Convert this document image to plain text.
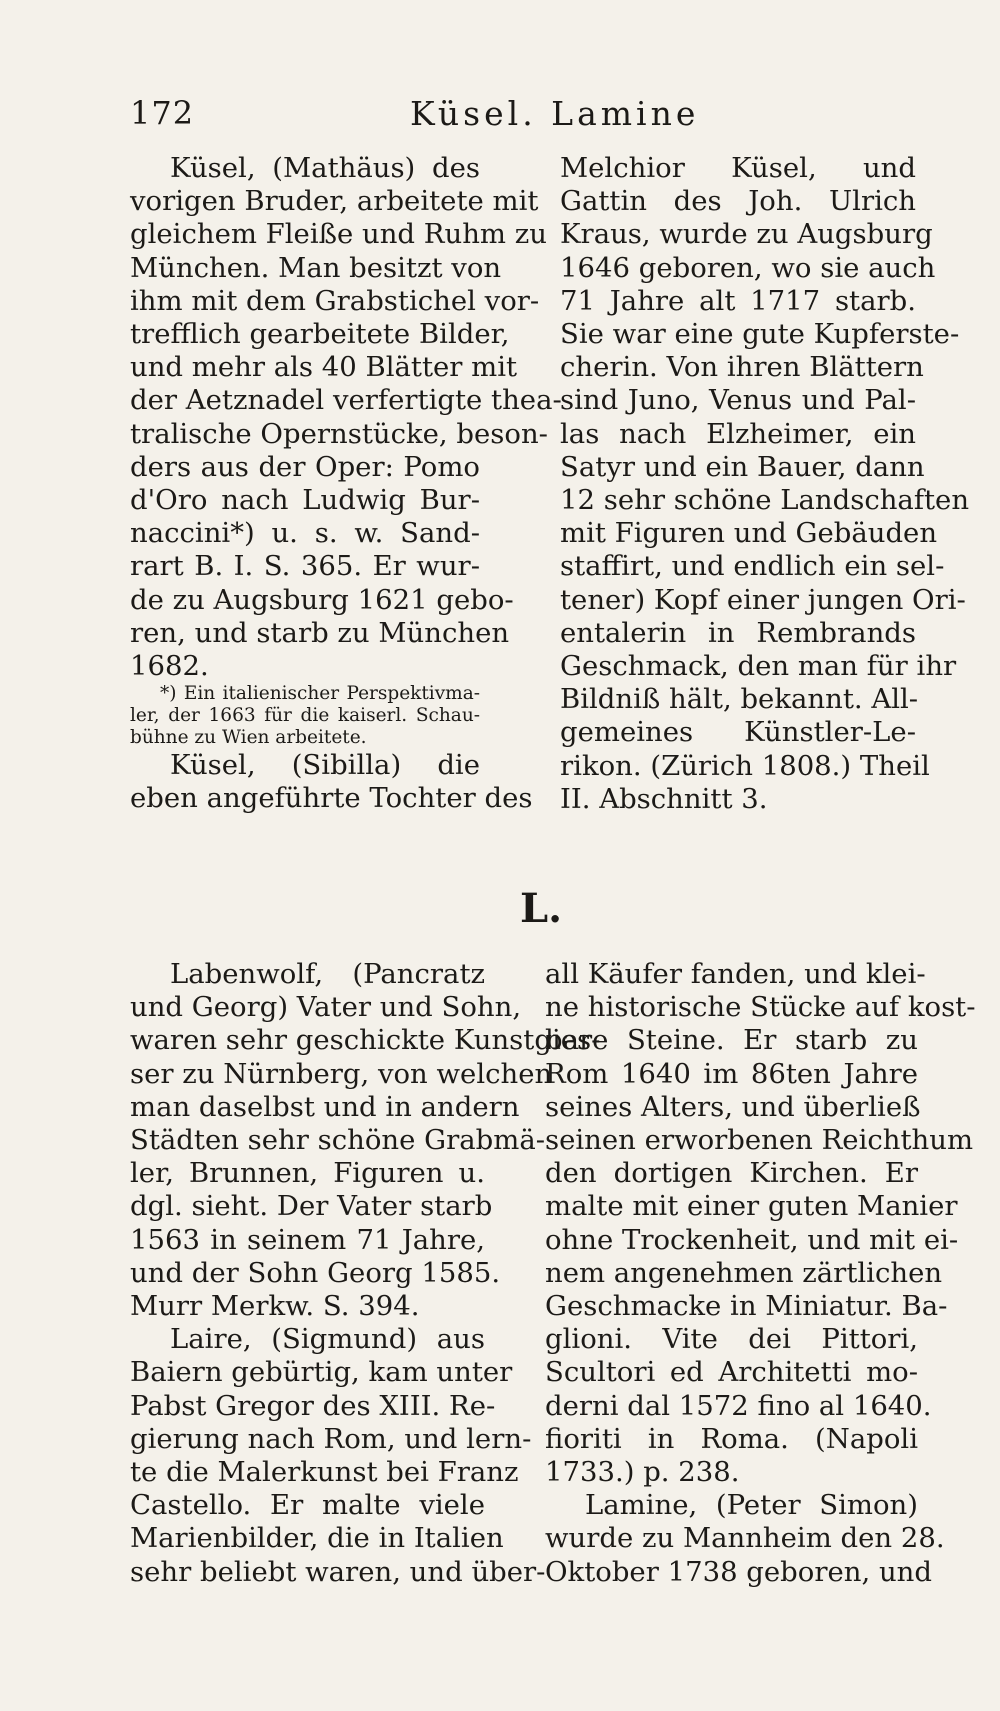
172	Küsel. Lamine
Küsel, (Mathäus) des
vorigen Bruder, arbeitete mit
gleichem Fleiße und Ruhm zu
München. Man besitzt von
ihm mit dem Grabstichel vor-
trefflich gearbeitete Bilder,
und mehr als 40 Blätter mit
der Aetznadel verfertigte thea-
tralische Opernstücke, beson-
ders aus der Oper: Pomo
d'Oro nach Ludwig Bur-
naccini*) u. s. w. Sand-
rart B. I. S. 365. Er wur-
de zu Augsburg 1621 gebo-
ren, und starb zu München
1682.
*) Ein italienischer Perspektivma-
ler, der 1663 für die kaiserl. Schau-
bühne zu Wien arbeitete.
Küsel, (Sibilla) die
eben angeführte Tochter des
Melchior Küsel, und
Gattin des Joh. Ulrich
Kraus, wurde zu Augsburg
1646 geboren, wo sie auch
71 Jahre alt 1717 starb.
Sie war eine gute Kupferste-
cherin. Von ihren Blättern
sind Juno, Venus und Pal-
las nach Elzheimer, ein
Satyr und ein Bauer, dann
12 sehr schöne Landschaften
mit Figuren und Gebäuden
staffirt, und endlich ein sel-
tener) Kopf einer jungen Ori-
entalerin in Rembrands
Geschmack, den man für ihr
Bildniß hält, bekannt. All-
gemeines Künstler-Le-
rikon. (Zürich 1808.) Theil
II. Abschnitt 3.
L.
Labenwolf, (Pancratz
und Georg) Vater und Sohn,
waren sehr geschickte Kunstgies-
ser zu Nürnberg, von welchen
man daselbst und in andern
Städten sehr schöne Grabmä-
ler, Brunnen, Figuren u.
dgl. sieht. Der Vater starb
1563 in seinem 71 Jahre,
und der Sohn Georg 1585.
Murr Merkw. S. 394.
Laire, (Sigmund) aus
Baiern gebürtig, kam unter
Pabst Gregor des XIII. Re-
gierung nach Rom, und lern-
te die Malerkunst bei Franz
Castello. Er malte viele
Marienbilder, die in Italien
sehr beliebt waren, und über-
all Käufer fanden, und klei-
ne historische Stücke auf kost-
bare Steine. Er starb zu
Rom 1640 im 86ten Jahre
seines Alters, und überließ
seinen erworbenen Reichthum
den dortigen Kirchen. Er
malte mit einer guten Manier
ohne Trockenheit, und mit ei-
nem angenehmen zärtlichen
Geschmacke in Miniatur. Ba-
glioni. Vite dei Pittori,
Scultori ed Architetti mo-
derni dal 1572 fino al 1640.
fioriti in Roma. (Napoli
1733.) p. 238.
Lamine, (Peter Simon)
wurde zu Mannheim den 28.
Oktober 1738 geboren, und
